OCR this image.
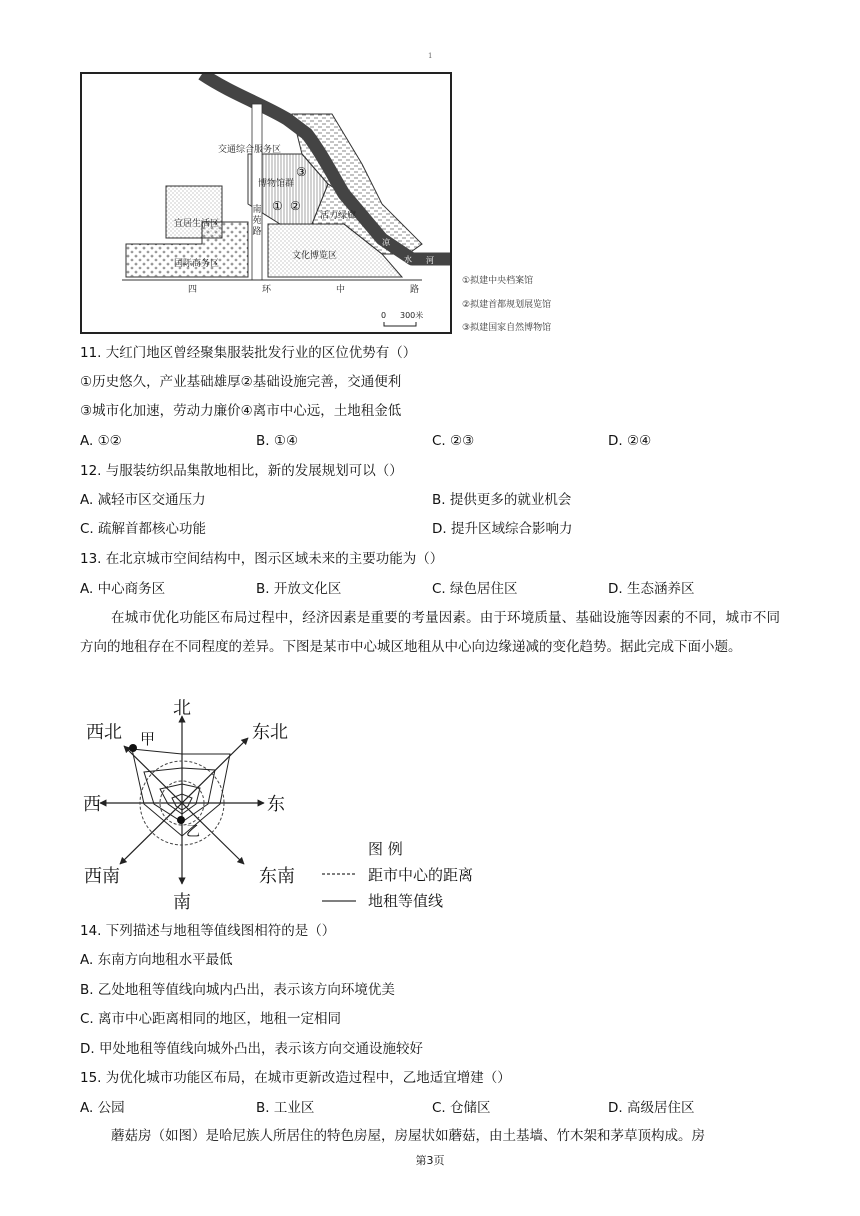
1
交通综合服务区
博物馆群
宜居生活区
国际商务区
活力绿廊
文化博览区
③
① ②
南
苑
路
凉
水 河
四	环	中	路
0 300米
①拟建中央档案馆
②拟建首都规划展览馆
③拟建国家自然博物馆
11. 大红门地区曾经聚集服装批发行业的区位优势有（）
①历史悠久，产业基础雄厚②基础设施完善，交通便利
③城市化加速，劳动力廉价④离市中心远，土地租金低
A. ①②	B. ①④	C. ②③	D. ②④
12. 与服装纺织品集散地相比，新的发展规划可以（）
A. 减轻市区交通压力	B. 提供更多的就业机会
C. 疏解首都核心功能	D. 提升区域综合影响力
13. 在北京城市空间结构中，图示区域未来的主要功能为（）
A. 中心商务区	B. 开放文化区	C. 绿色居住区	D. 生态涵养区

在城市优化功能区布局过程中，经济因素是重要的考量因素。由于环境质量、基础设施等因素的不同，城市不同方向的地租存在不同程度的差异。下图是某市中心城区地租从中心向边缘递减的变化趋势。据此完成下面小题。

北
南
西	东
西北	东北
西南	东南
甲
乙
图 例
距市中心的距离
地租等值线
14. 下列描述与地租等值线图相符的是（）
A. 东南方向地租水平最低
B. 乙处地租等值线向城内凸出，表示该方向环境优美
C. 离市中心距离相同的地区，地租一定相同
D. 甲处地租等值线向城外凸出，表示该方向交通设施较好
15. 为优化城市功能区布局，在城市更新改造过程中，乙地适宜增建（）
A. 公园	B. 工业区	C. 仓储区	D. 高级居住区

蘑菇房（如图）是哈尼族人所居住的特色房屋，房屋状如蘑菇，由土基墙、竹木架和茅草顶构成。房

第3页
